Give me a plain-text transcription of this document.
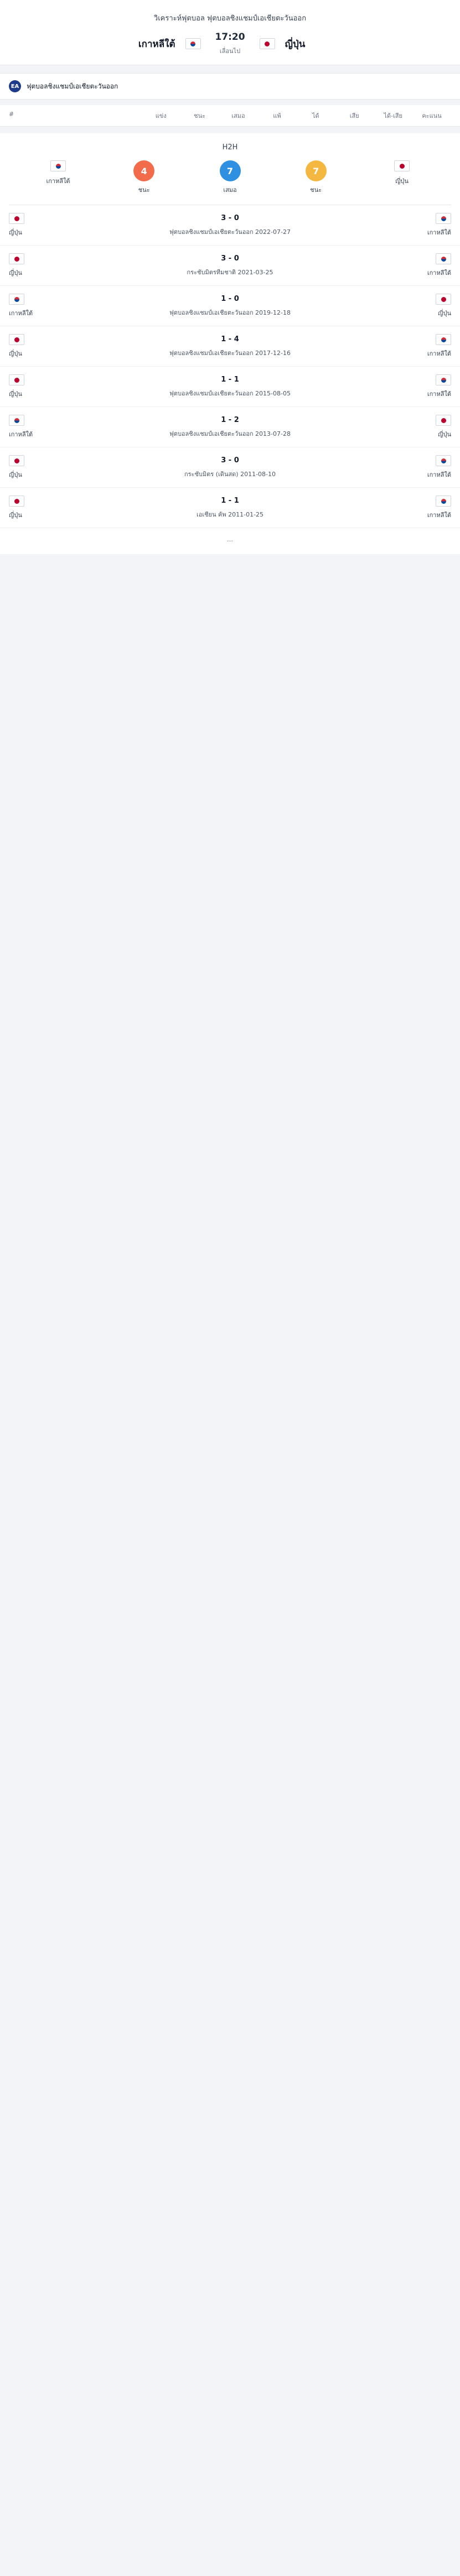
วิเคราะห์ฟุตบอล ฟุตบอลชิงแชมป์เอเชียตะวันออก
เกาหลีใต้
17:20
เลื่อนไป
ญี่ปุ่น
EA	ฟุตบอลชิงแชมป์เอเชียตะวันออก
#	แข่ง	ชนะ	เสมอ	แพ้	ได้	เสีย	ได้-เสีย	คะแนน
H2H
เกาหลีใต้
4
ชนะ
7
เสมอ
7
ชนะ
ญี่ปุ่น
ญี่ปุ่น
3 - 0
ฟุตบอลชิงแชมป์เอเชียตะวันออก 2022-07-27	เกาหลีใต้
ญี่ปุ่น
3 - 0
กระชับมิตรทีมชาติ 2021-03-25	เกาหลีใต้
เกาหลีใต้
1 - 0
ฟุตบอลชิงแชมป์เอเชียตะวันออก 2019-12-18	ญี่ปุ่น
ญี่ปุ่น
1 - 4
ฟุตบอลชิงแชมป์เอเชียตะวันออก 2017-12-16	เกาหลีใต้
ญี่ปุ่น
1 - 1
ฟุตบอลชิงแชมป์เอเชียตะวันออก 2015-08-05	เกาหลีใต้
เกาหลีใต้
1 - 2
ฟุตบอลชิงแชมป์เอเชียตะวันออก 2013-07-28	ญี่ปุ่น
ญี่ปุ่น
3 - 0
กระชับมิตร (เดินสด) 2011-08-10	เกาหลีใต้
ญี่ปุ่น
1 - 1
เอเชียน คัพ 2011-01-25	เกาหลีใต้
…
